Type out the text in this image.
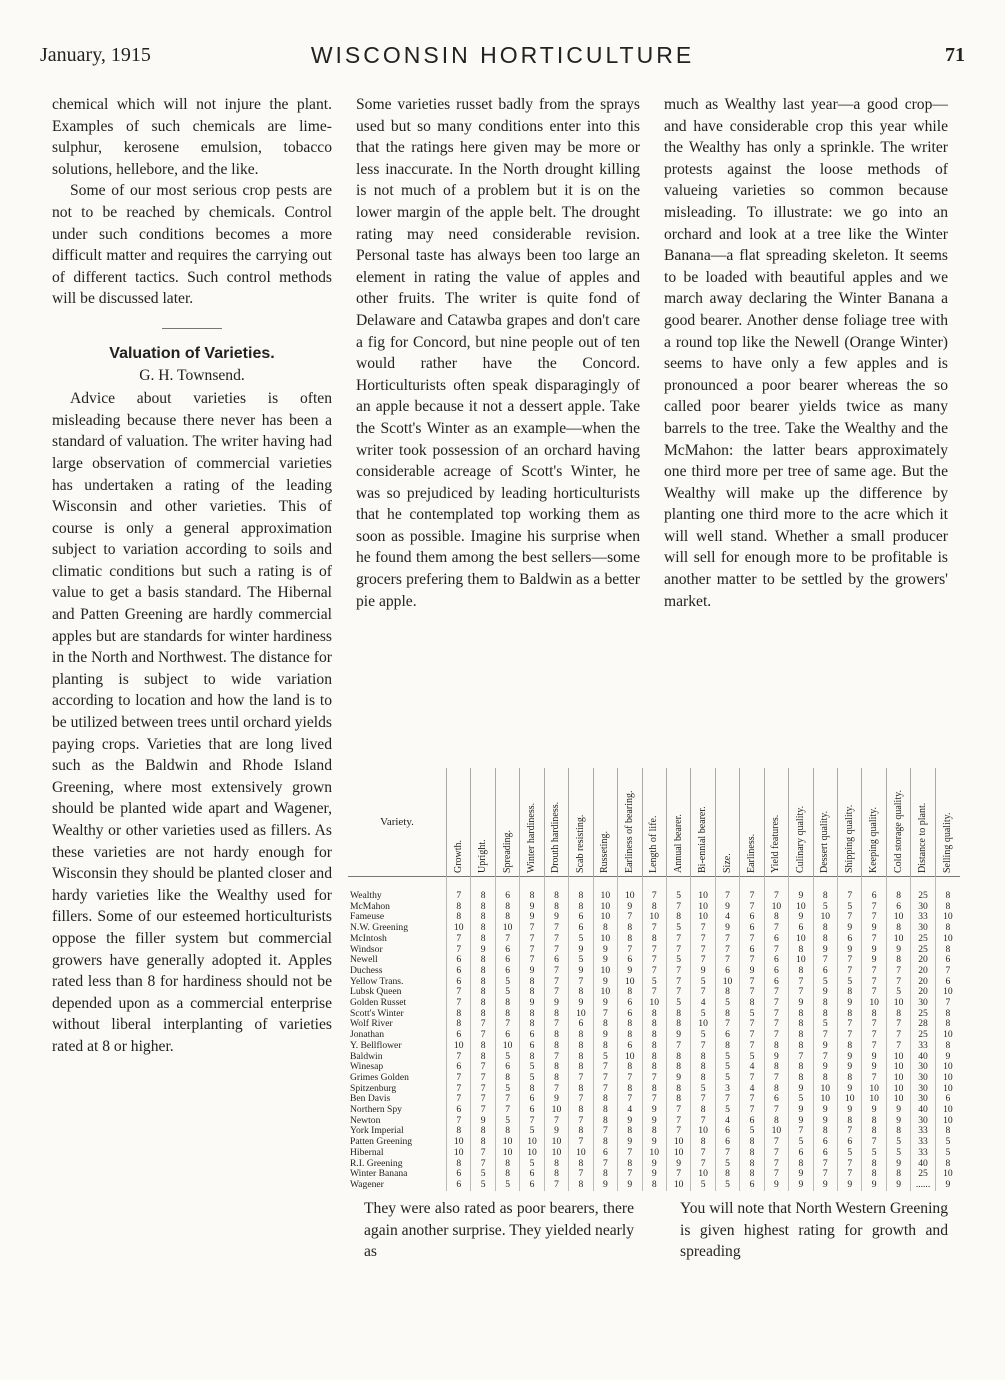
January, 1915	WISCONSIN HORTICULTURE	71

chemical which will not injure the plant. Examples of such chemicals are lime-sulphur, kerosene emulsion, tobacco solutions, hellebore, and the like.

Some of our most serious crop pests are not to be reached by chemicals. Control under such conditions becomes a more difficult matter and requires the carrying out of different tactics. Such control methods will be discussed later.

Valuation of Varieties.
G. H. Townsend.

Advice about varieties is often misleading because there never has been a standard of valuation. The writer having had large observation of commercial varieties has undertaken a rating of the leading Wisconsin and other varieties. This of course is only a general approximation subject to variation according to soils and climatic conditions but such a rating is of value to get a basis standard. The Hibernal and Patten Greening are hardly commercial apples but are standards for winter hardiness in the North and Northwest. The distance for planting is subject to wide variation according to location and how the land is to be utilized between trees until orchard yields paying crops. Varieties that are long lived such as the Baldwin and Rhode Island Greening, where most extensively grown should be planted wide apart and Wagener, Wealthy or other varieties used as fillers. As these varieties are not hardy enough for Wisconsin they should be planted closer and hardy varieties like the Wealthy used for fillers. Some of our esteemed horticulturists oppose the filler system but commercial growers have generally adopted it. Apples rated less than 8 for hardiness should not be depended upon as a commercial enterprise without liberal interplanting of varieties rated at 8 or higher.

Some varieties russet badly from the sprays used but so many conditions enter into this that the ratings here given may be more or less inaccurate. In the North drought killing is not much of a problem but it is on the lower margin of the apple belt. The drought rating may need considerable revision. Personal taste has always been too large an element in rating the value of apples and other fruits. The writer is quite fond of Delaware and Catawba grapes and don't care a fig for Concord, but nine people out of ten would rather have the Concord. Horticulturists often speak disparagingly of an apple because it not a dessert apple. Take the Scott's Winter as an example—when the writer took possession of an orchard having considerable acreage of Scott's Winter, he was so prejudiced by leading horticulturists that he contemplated top working them as soon as possible. Imagine his surprise when he found them among the best sellers—some grocers prefering them to Baldwin as a better pie apple.

much as Wealthy last year—a good crop—and have considerable crop this year while the Wealthy has only a sprinkle. The writer protests against the loose methods of valueing varieties so common because misleading. To illustrate: we go into an orchard and look at a tree like the Winter Banana—a flat spreading skeleton. It seems to be loaded with beautiful apples and we march away declaring the Winter Banana a good bearer. Another dense foliage tree with a round top like the Newell (Orange Winter) seems to have only a few apples and is pronounced a poor bearer whereas the so called poor bearer yields twice as many barrels to the tree. Take the Wealthy and the McMahon: the latter bears approximately one third more per tree of same age. But the Wealthy will make up the difference by planting one third more to the acre which it will well stand. Whether a small producer will sell for enough more to be profitable is another matter to be settled by the growers' market.

Variety.	Growth.	Upright.	Spreading.	Winter hardiness.	Drouth hardiness.	Scab resisting.	Russeting.	Earliness of bearing.	Length of life.	Annual bearer.	Bi-ennial bearer.	Size.	Earliness.	Yield features.	Culinary quality.	Dessert quality.	Shipping quality.	Keeping quality.	Cold storage quality.	Distance to plant.	Selling quality.
Wealthy	7	8	6	8	8	8	10	10	7	5	10	7	7	7	9	8	7	6	8	25	8
McMahon	8	8	8	9	8	8	10	9	8	7	10	9	7	10	10	5	5	7	6	30	8
Fameuse	8	8	8	9	9	6	10	7	10	8	10	4	6	8	9	10	7	7	10	33	10
N.W. Greening	10	8	10	7	7	6	8	8	7	5	7	9	6	7	6	8	9	9	8	30	8
McIntosh	7	8	7	7	7	5	10	8	8	7	7	7	7	6	10	8	6	7	10	25	10
Windsor	7	9	6	7	7	9	9	7	7	7	7	7	6	7	8	9	9	9	9	25	8
Newell	6	8	6	7	6	5	9	6	7	5	7	7	7	6	10	7	7	9	8	20	6
Duchess	6	8	6	9	7	9	10	9	7	7	9	6	9	6	8	6	7	7	7	20	7
Yellow Trans.	6	8	5	8	7	7	9	10	5	7	5	10	7	6	7	5	5	7	7	20	6
Lubsk Queen	7	8	5	8	7	8	10	8	7	7	7	8	7	7	7	9	8	7	5	20	10
Golden Russet	7	8	8	9	9	9	9	6	10	5	4	5	8	7	9	8	9	10	10	30	7
Scott's Winter	8	8	8	8	8	10	7	6	8	8	5	8	5	7	8	8	8	8	8	25	8
Wolf River	8	7	7	8	7	6	8	8	8	8	10	7	7	7	8	5	7	7	7	28	8
Jonathan	6	7	6	6	8	8	9	8	8	9	5	6	7	7	8	7	7	7	7	25	10
Y. Bellflower	10	8	10	6	8	8	8	6	8	7	7	8	7	8	8	9	8	7	7	33	8
Baldwin	7	8	5	8	7	8	5	10	8	8	8	5	5	9	7	7	9	9	10	40	9
Winesap	6	7	6	5	8	8	7	8	8	8	8	5	4	8	8	9	9	9	10	30	10
Grimes Golden	7	7	8	5	8	7	7	7	7	9	8	5	7	7	8	8	8	7	10	30	10
Spitzenburg	7	7	5	8	7	8	7	8	8	8	5	3	4	8	9	10	9	10	10	30	10
Ben Davis	7	7	7	6	9	7	8	7	7	8	7	7	7	6	5	10	10	10	10	30	6
Northern Spy	6	7	7	6	10	8	8	4	9	7	8	5	7	7	9	9	9	9	9	40	10
Newton	7	9	5	7	7	7	8	9	9	7	7	4	6	8	9	9	8	8	9	30	10
York Imperial	8	8	8	5	9	8	7	8	8	7	10	6	5	10	7	8	7	8	8	33	8
Patten Greening	10	8	10	10	10	7	8	9	9	10	8	6	8	7	5	6	6	7	5	33	5
Hibernal	10	7	10	10	10	10	6	7	10	10	7	7	8	7	6	6	5	5	5	33	5
R.I. Greening	8	7	8	5	8	8	7	8	9	9	7	5	8	7	8	7	7	8	9	40	8
Winter Banana	6	5	8	6	8	7	8	7	9	7	10	8	8	7	9	7	7	8	8	25	10
Wagener	6	5	5	6	7	8	9	9	8	10	5	5	6	9	9	9	9	9	9	......	9

They were also rated as poor bearers, there again another surprise. They yielded nearly as

You will note that North Western Greening is given highest rating for growth and spreading
